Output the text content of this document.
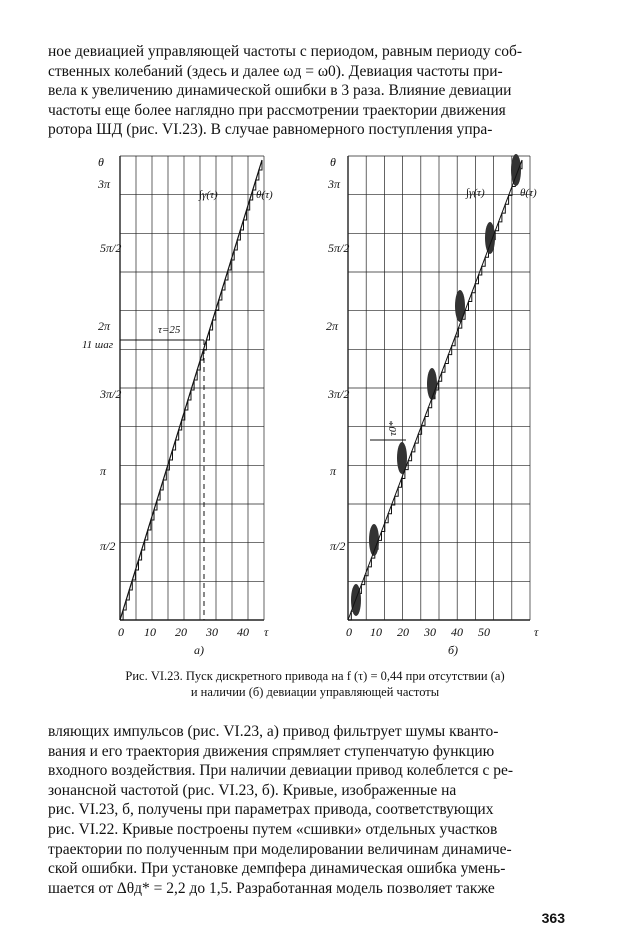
ное девиацией управляющей частоты с периодом, равным периоду соб-
ственных колебаний (здесь и далее ωд = ω0). Девиация частоты при-
вела к увеличению динамической ошибки в 3 раза. Влияние девиации
частоты еще более наглядно при рассмотрении траектории движения
ротора ШД (рис. VI.23). В случае равномерного поступления упра-

θ
3π
5π/2
2π
3π/2
π
π/2
0 10 20 30 40 τ
а)
∫γ(τ)	θ(τ)
τ=25
11 шаг
θ
3π
5π/2
2π
3π/2
π
π/2
0 10 20 30 40 50	τ
б)
∫γ(τ)	θ(τ)
τ0*

Рис. VI.23. Пуск дискретного привода на f (τ) = 0,44 при отсутствии (а)
и наличии (б) девиации управляющей частоты

вляющих импульсов (рис. VI.23, а) привод фильтрует шумы кванто-
вания и его траектория движения спрямляет ступенчатую функцию
входного воздействия. При наличии девиации привод колеблется с ре-
зонансной частотой (рис. VI.23, б). Кривые, изображенные на
рис. VI.23, б, получены при параметрах привода, соответствующих
рис. VI.22. Кривые построены путем «сшивки» отдельных участков
траектории по полученным при моделировании величинам динамиче-
ской ошибки. При установке демпфера динамическая ошибка умень-
шается от Δθд* = 2,2 до 1,5. Разработанная модель позволяет также

363
